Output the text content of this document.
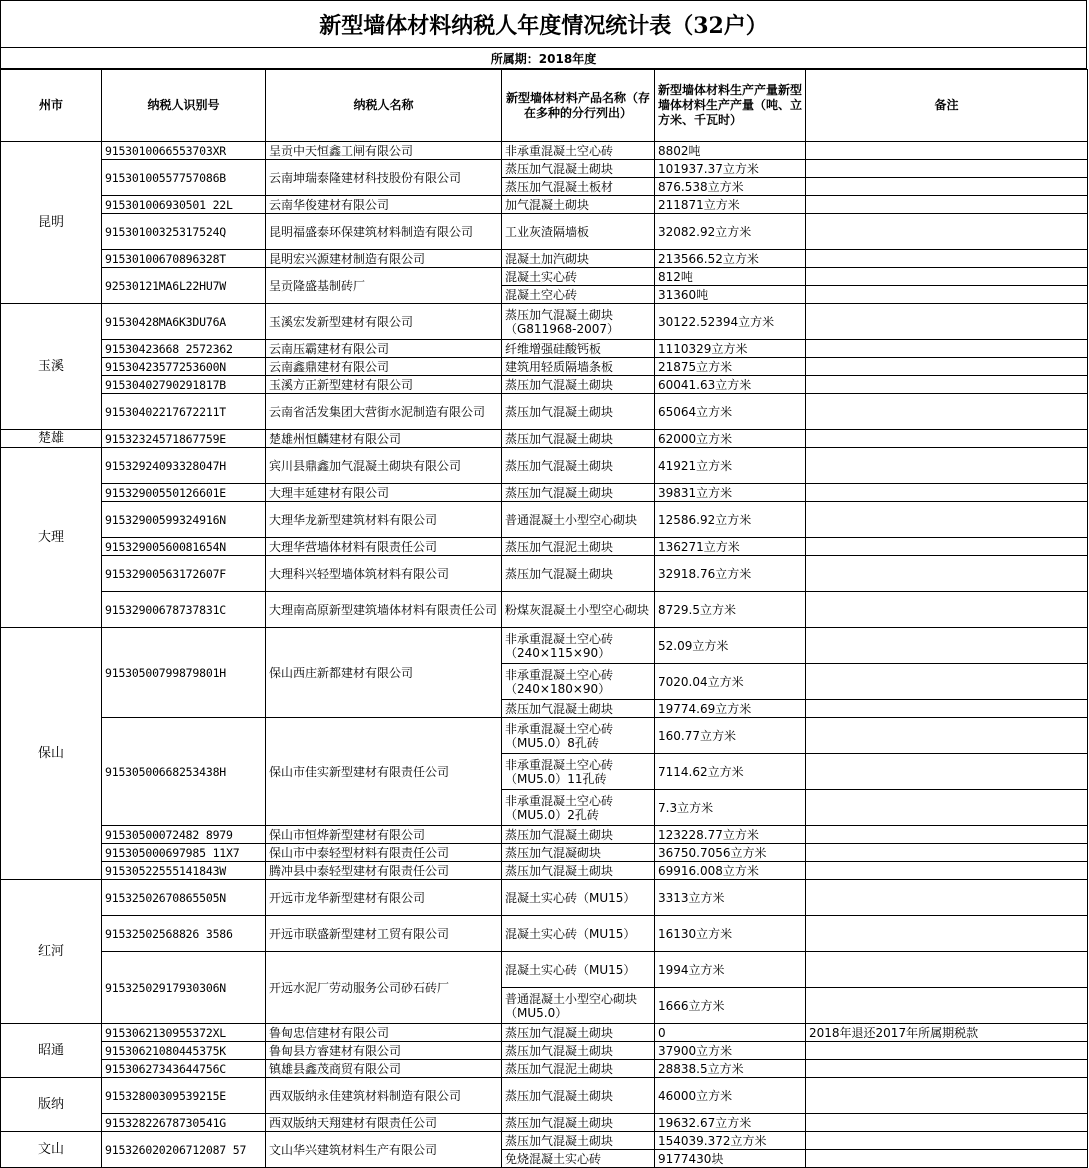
新型墙体材料纳税人年度情况统计表（32户）
所属期：2018年度
州市	纳税人识别号	纳税人名称	新型墙体材料产品名称（存在多种的分行列出）	新型墙体材料生产产量新型墙体材料生产产量（吨、立方米、千瓦时）	备注
昆明	9153010066553703XR	呈贡中天恒鑫工闸有限公司	非承重混凝土空心砖	8802吨	
	91530100557757086B	云南坤瑞泰隆建材科技股份有限公司	蒸压加气混凝土砌块	101937.37立方米	
			蒸压加气混凝土板材	876.538立方米	
	915301006930501 22L	云南华俊建材有限公司	加气混凝土砌块	211871立方米	
	91530100325317524Q	昆明福盛泰环保建筑材料制造有限公司	工业灰渣隔墙板	32082.92立方米	
	91530100670896328T	昆明宏兴源建材制造有限公司	混凝土加汽砌块	213566.52立方米	
	92530121MA6L22HU7W	呈贡隆盛基制砖厂	混凝土实心砖	812吨	
			混凝土空心砖	31360吨	
玉溪	91530428MA6K3DU76A	玉溪宏发新型建材有限公司	蒸压加气混凝土砌块（G811968-2007）	30122.52394立方米	
	91530423668 2572362	云南压霸建材有限公司	纤维增强硅酸钙板	1110329立方米	
	91530423577253600N	云南鑫鼎建材有限公司	建筑用轻质隔墙条板	21875立方米	
	91530402790291817B	玉溪方正新型建材有限公司	蒸压加气混凝土砌块	60041.63立方米	
	91530402217672211T	云南省活发集团大营街水泥制造有限公司	蒸压加气混凝土砌块	65064立方米	
楚雄	91532324571867759E	楚雄州恒麟建材有限公司	蒸压加气混凝土砌块	62000立方米	
大理	91532924093328047H	宾川县鼎鑫加气混凝土砌块有限公司	蒸压加气混凝土砌块	41921立方米	
	91532900550126601E	大理丰延建材有限公司	蒸压加气混凝土砌块	39831立方米	
	91532900599324916N	大理华龙新型建筑材料有限公司	普通混凝土小型空心砌块	12586.92立方米	
	91532900560081654N	大理华营墙体材料有限责任公司	蒸压加气混泥土砌块	136271立方米	
	91532900563172607F	大理科兴轻型墙体筑材料有限公司	蒸压加气混凝土砌块	32918.76立方米	
	91532900678737831C	大理南高原新型建筑墙体材料有限责任公司	粉煤灰混凝土小型空心砌块	8729.5立方米	
保山	91530500799879801H	保山西庄新都建材有限公司	非承重混凝土空心砖（240×115×90）	52.09立方米	
			非承重混凝土空心砖（240×180×90）	7020.04立方米	
			蒸压加气混凝土砌块	19774.69立方米	
	91530500668253438H	保山市佳实新型建材有限责任公司	非承重混凝土空心砖（MU5.0）8孔砖	160.77立方米	
			非承重混凝土空心砖（MU5.0）11孔砖	7114.62立方米	
			非承重混凝土空心砖（MU5.0）2孔砖	7.3立方米	
	91530500072482 8979	保山市恒烨新型建材有限公司	蒸压加气混凝土砌块	123228.77立方米	
	915305000697985 11X7	保山市中泰轻型材料有限责任公司	蒸压加气混凝砌块	36750.7056立方米	
	91530522555141843W	腾冲县中泰轻型建材有限责任公司	蒸压加气混凝土砌块	69916.008立方米	
红河	91532502670865505N	开远市龙华新型建材有限公司	混凝土实心砖（MU15）	3313立方米	
	91532502568826 3586	开远市联盛新型建材工贸有限公司	混凝土实心砖（MU15）	16130立方米	
	91532502917930306N	开远水泥厂劳动服务公司砂石砖厂	混凝土实心砖（MU15）	1994立方米	
			普通混凝土小型空心砌块（MU5.0）	1666立方米	
昭通	9153062130955372XL	鲁甸忠信建材有限公司	蒸压加气混凝土砌块	0	2018年退还2017年所属期税款
	91530621080445375K	鲁甸县方睿建材有限公司	蒸压加气混凝土砌块	37900立方米	
	91530627343644756C	镇雄县鑫茂商贸有限公司	蒸压加气混泥土砌块	28838.5立方米	
版纳	91532800309539215E	西双版纳永佳建筑材料制造有限公司	蒸压加气混凝土砌块	46000立方米	
	91532822678730541G	西双版纳天翔建材有限责任公司	蒸压加气混凝土砌块	19632.67立方米	
文山	915326020206712087 57	文山华兴建筑材料生产有限公司	蒸压加气混凝土砌块	154039.372立方米	
			免烧混凝土实心砖	9177430块	
